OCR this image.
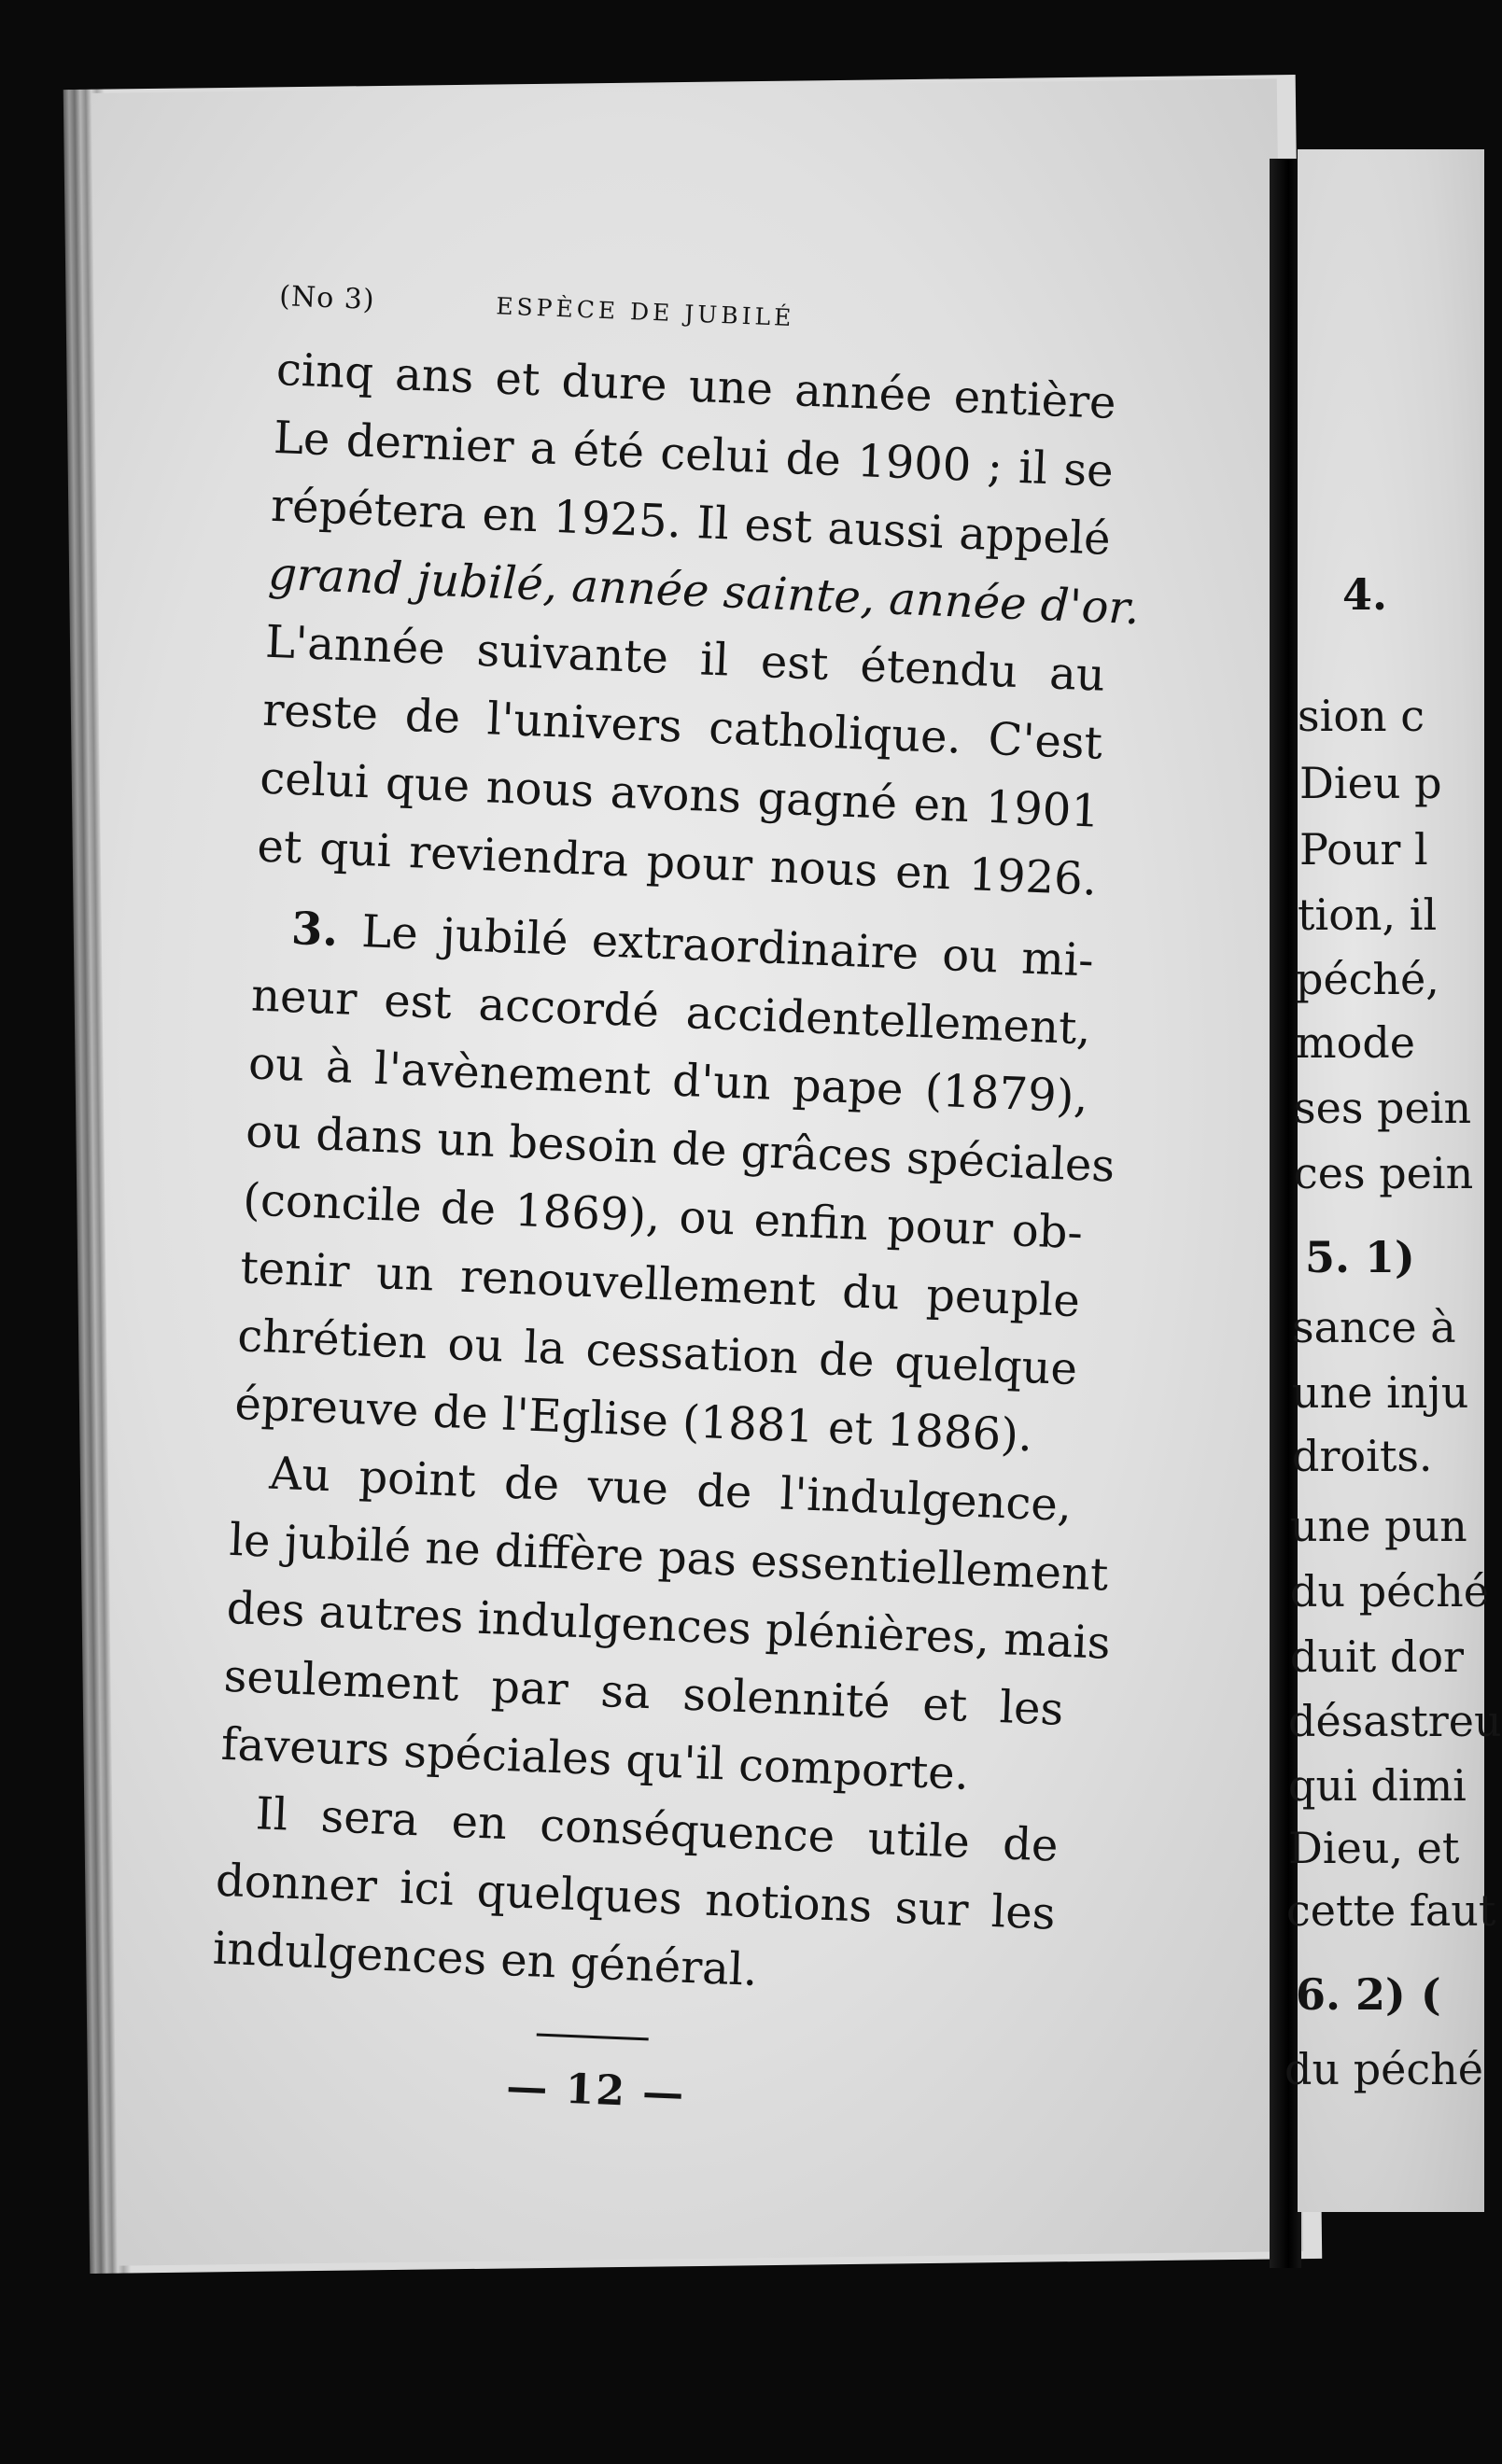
(No 3)	ESPÈCE DE JUBILÉ
cinq ans et dure une année entière
Le dernier a été celui de 1900 ; il se
répétera en 1925. Il est aussi appelé
grand jubilé, année sainte, année d'or.
L'année suivante il est étendu au
reste de l'univers catholique. C'est
celui que nous avons gagné en 1901
et qui reviendra pour nous en 1926.
3. Le jubilé extraordinaire ou mi-
neur est accordé accidentellement,
ou à l'avènement d'un pape (1879),
ou dans un besoin de grâces spéciales
(concile de 1869), ou enfin pour ob-
tenir un renouvellement du peuple
chrétien ou la cessation de quelque
épreuve de l'Eglise (1881 et 1886).
Au point de vue de l'indulgence,
le jubilé ne diffère pas essentiellement
des autres indulgences plénières, mais
seulement par sa solennité et les
faveurs spéciales qu'il comporte.
Il sera en conséquence utile de
donner ici quelques notions sur les
indulgences en général.
— 12 —
4.
sion c
Dieu p
Pour l
tion, il
péché,
mode
ses pein
ces pein
5. 1)
sance à
une inju
droits.
une pun
du péché
duit dor
désastreu
qui dimi
Dieu, et
cette faut
6. 2) (
du péché
